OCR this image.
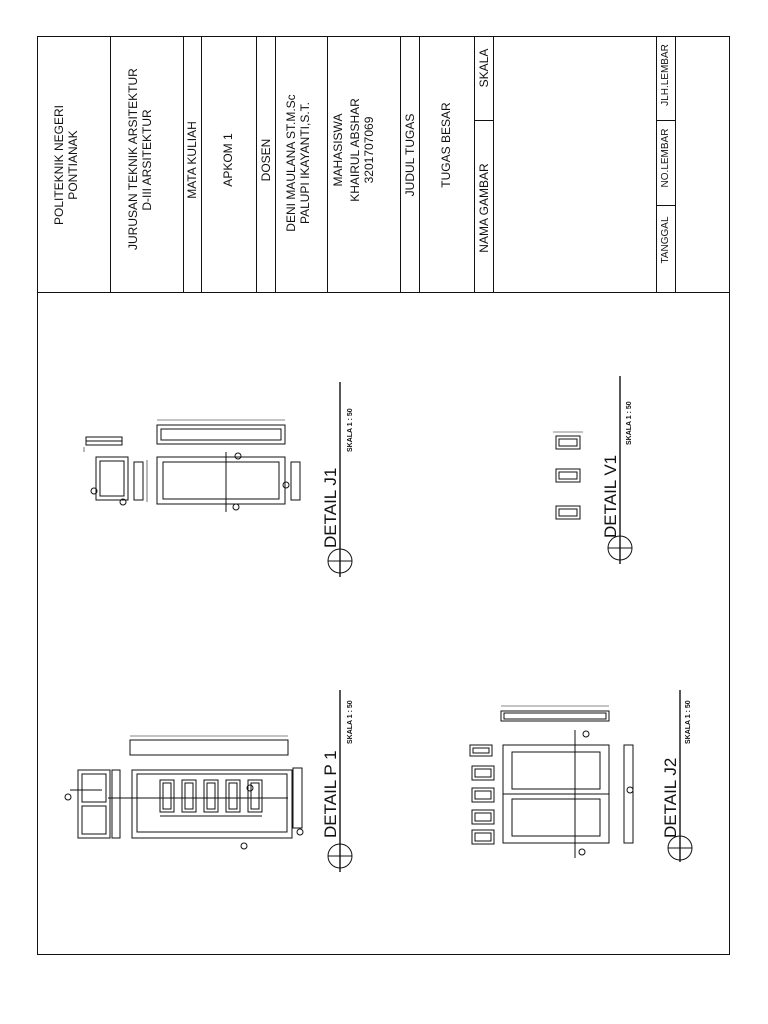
POLITEKNIK NEGERI PONTIANAK	JURUSAN TEKNIK ARSITEKTUR D-III ARSITEKTUR	MATA KULIAH APKOM 1 DOSEN DENI MAULANA ST.M.Sc PALUPI IKAYANTI,S.T. MAHASISWA KHAIRUL ABSHAR 3201707069 JUDUL TUGAS TUGAS BESAR
NAMA GAMBAR
SKALA
TANGGAL
NO.LEMBAR
JLH.LEMBAR
DETAIL J1
SKALA 1 : 50
DETAIL V1
SKALA 1 : 50
DETAIL P 1
SKALA 1 : 50
DETAIL J2
SKALA 1 : 50
